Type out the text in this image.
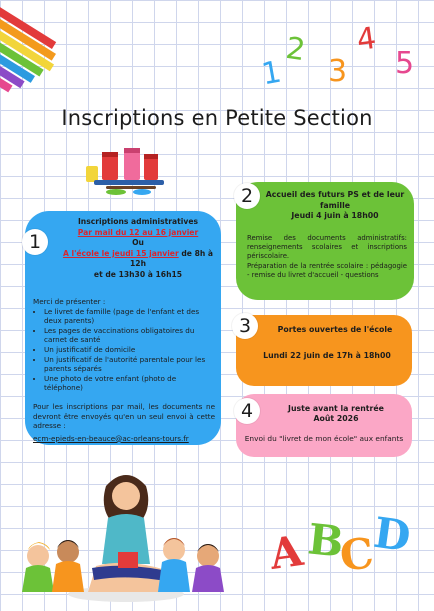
1
2
3
4
5
Inscriptions en Petite Section
Inscriptions administratives
Par mail du 12 au 16 janvier
Ou
A l'école le jeudi 15 janvier de 8h à 12h
et de 13h30 à 16h15
Merci de présenter :
• Le livret de famille (page de l'enfant et des deux parents)
• Les pages de vaccinations obligatoires du carnet de santé
• Un justificatif de domicile
• Un justificatif de l'autorité parentale pour les parents séparés
• Une photo de votre enfant (photo de téléphone)
Pour les inscriptions par mail, les documents ne devront être envoyés qu'en un seul envoi à cette adresse :
ecm-epieds-en-beauce@ac-orleans-tours.fr
1
Accueil des futurs PS et de leur famille
Jeudi 4 juin à 18h00
Remise des documents administratifs: renseignements scolaires et inscriptions périscolaire.
Préparation de la rentrée scolaire : pédagogie - remise du livret d'accueil - questions
2
Portes ouvertes de l'école
Lundi 22 juin de 17h à 18h00
3
Juste avant la rentrée
Août 2026
Envoi du "livret de mon école" aux enfants
4
A B
C
D
